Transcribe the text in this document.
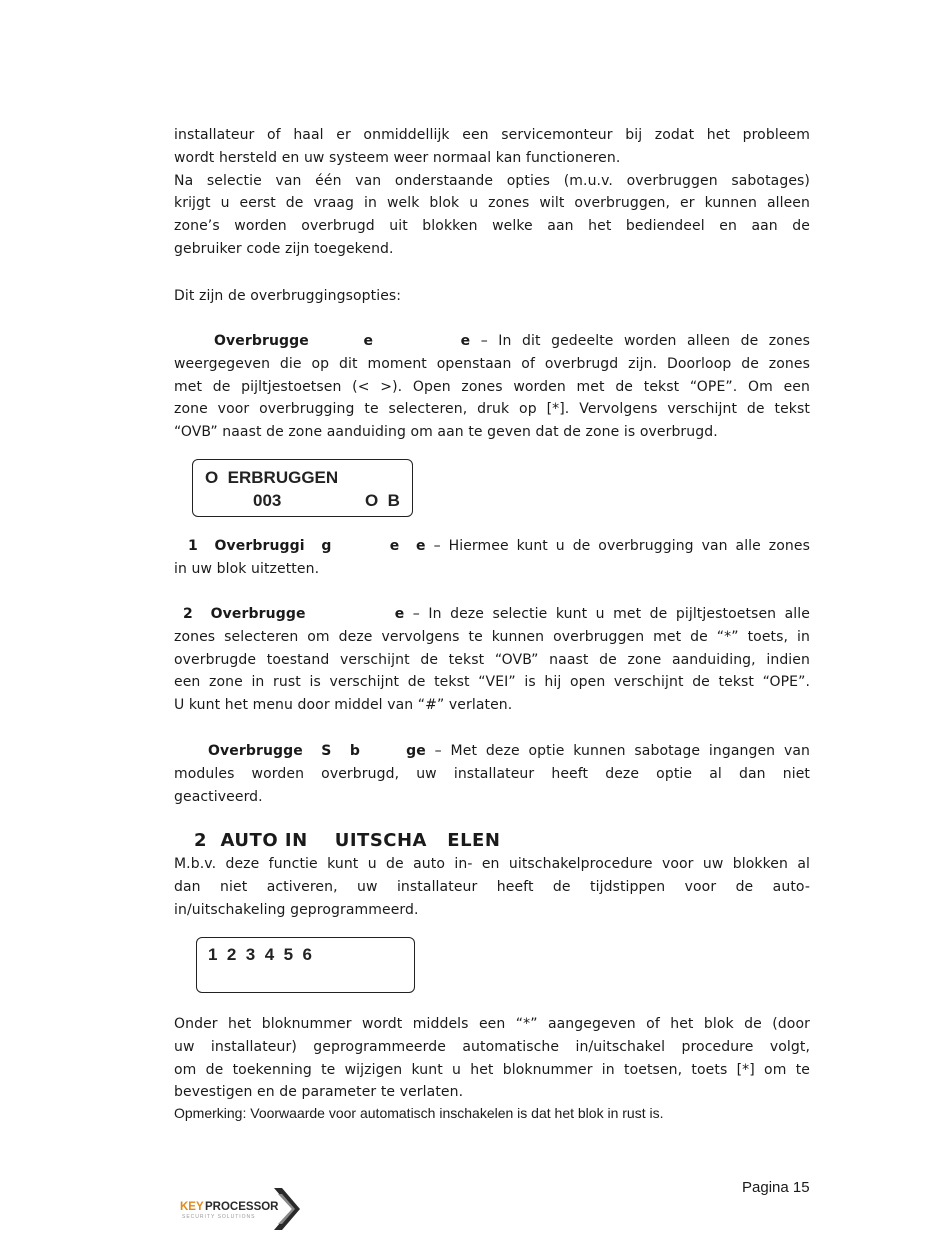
installateur of haal er onmiddellijk een servicemonteur bij zodat het probleem
wordt hersteld en uw systeem weer normaal kan functioneren.
Na selectie van één van onderstaande opties (m.u.v. overbruggen sabotages)
krijgt u eerst de vraag in welk blok u zones wilt overbruggen, er kunnen alleen
zone’s worden overbrugd uit blokken welke aan het bediendeel en aan de
gebruiker code zijn toegekend.
Dit zijn de overbruggingsopties:
Overbrugge     e        e – In dit gedeelte worden alleen de zones
weergegeven die op dit moment openstaan of overbrugd zijn. Doorloop de zones
met de pijltjestoetsen (< >). Open zones worden met de tekst “OPE”. Om een
zone voor overbrugging te selecteren, druk op [*]. Vervolgens verschijnt de tekst
“OVB” naast de zone aanduiding om aan te geven dat de zone is overbrugd.
O  ERBRUGGEN
003	O  B
1  Overbruggi  g       e  e – Hiermee kunt u de overbrugging van alle zones
in uw blok uitzetten.
2  Overbrugge          e – In deze selectie kunt u met de pijltjestoetsen alle
zones selecteren om deze vervolgens te kunnen overbruggen met de “*” toets, in
overbrugde toestand verschijnt de tekst “OVB” naast de zone aanduiding, indien
een zone in rust is verschijnt de tekst “VEI” is hij open verschijnt de tekst “OPE”.
U kunt het menu door middel van “#” verlaten.
Overbrugge  S  b     ge – Met deze optie kunnen sabotage ingangen van
modules worden overbrugd, uw installateur heeft deze optie al dan niet
geactiveerd.
2  AUTO IN    UITSCHA   ELEN
M.b.v. deze functie kunt u de auto in- en uitschakelprocedure voor uw blokken al
dan niet activeren, uw installateur heeft de tijdstippen voor de auto-
in/uitschakeling geprogrammeerd.
1  2  3  4  5  6
Onder het bloknummer wordt middels een “*” aangegeven of het blok de (door
uw installateur) geprogrammeerde automatische in/uitschakel procedure volgt,
om de toekenning te wijzigen kunt u het bloknummer in toetsen, toets [*] om te
bevestigen en de parameter te verlaten.
Opmerking: Voorwaarde voor automatisch inschakelen is dat het blok in rust is.
Pagina 15
KEY PROCESSOR
SECURITY SOLUTIONS
